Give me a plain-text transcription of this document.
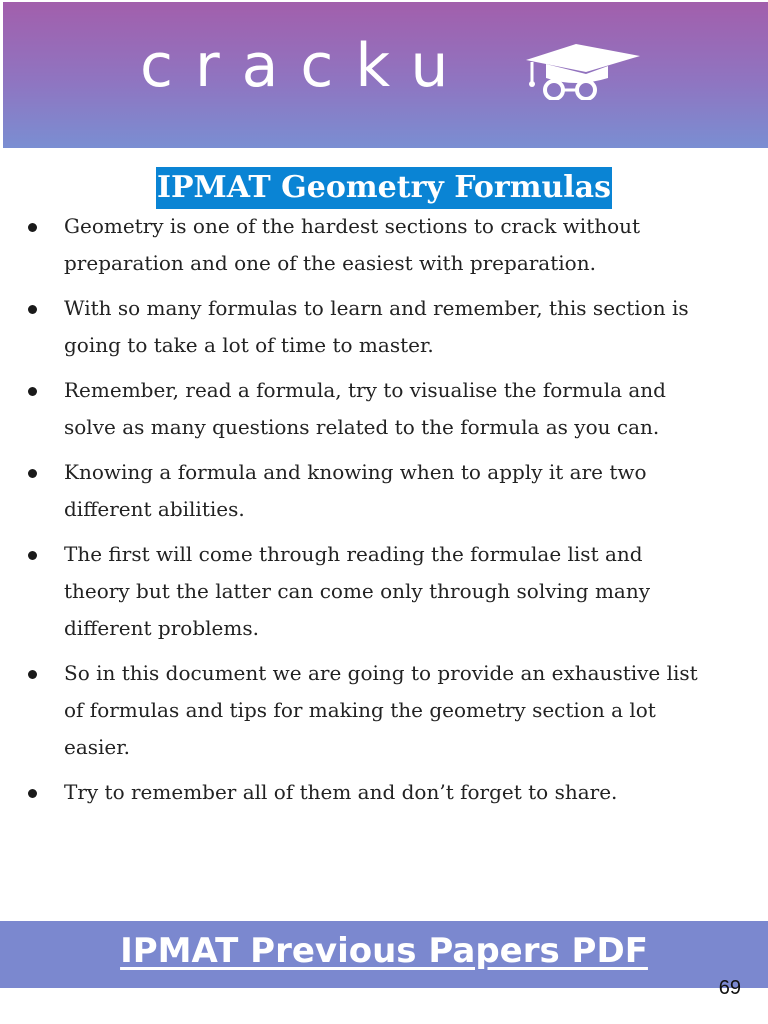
cracku
IPMAT Geometry Formulas
Geometry is one of the hardest sections to crack without preparation and one of the easiest with preparation.
With so many formulas to learn and remember, this section is going to take a lot of time to master.
Remember, read a formula, try to visualise the formula and solve as many questions related to the formula as you can.
Knowing a formula and knowing when to apply it are two different abilities.
The first will come through reading the formulae list and theory but the latter can come only through solving many different problems.
So in this document we are going to provide an exhaustive list of formulas and tips for making the geometry section a lot easier.
Try to remember all of them and don’t forget to share.
IPMAT Previous Papers PDF
69
